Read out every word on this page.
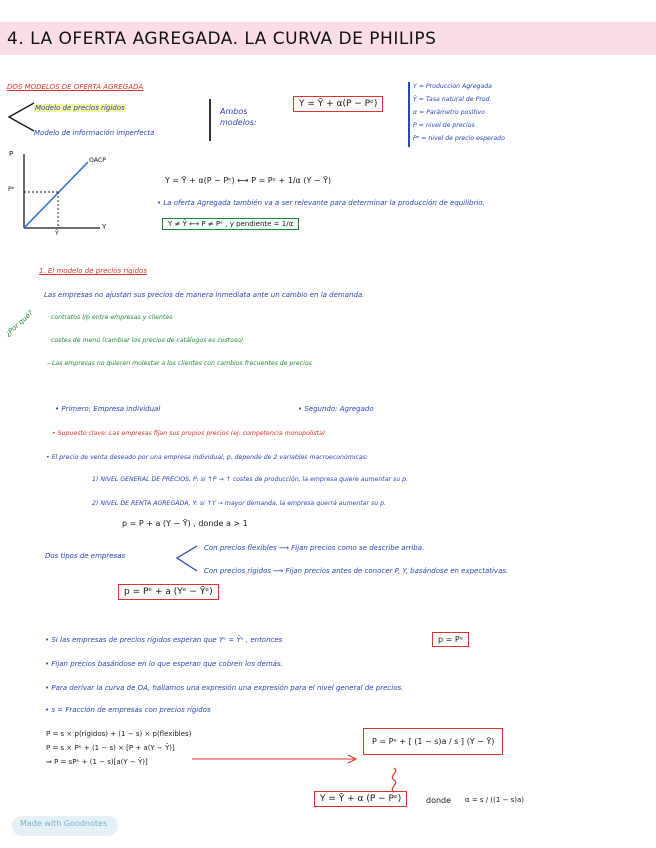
4. LA OFERTA AGREGADA. LA CURVA DE PHILIPS
DOS MODELOS DE OFERTA AGREGADA
Modelo de precios rígidos
Modelo de información imperfecta
Ambos
modelos:
Y = Ȳ + α(P − Pᵉ)
Y = Producción Agregada
Ȳ = Tasa natural de Prod.
α = Parámetro positivo
P = nivel de precios
Pᵉ = nivel de precio esperado
P
Y
OACP
Pᵉ
Ȳ
Y = Ȳ + α(P − Pᵉ) ⟷ P = Pᵉ + 1/α (Y − Ȳ)
• La oferta Agregada también va a ser relevante para determinar la producción de equilibrio.
Y ≠ Ȳ ⟷ P ≠ Pᵉ , y pendiente = 1/α
1. El modelo de precios rígidos
Las empresas no ajustan sus precios de manera inmediata ante un cambio en la demanda.
¿Por qué? · contratos l/p entre empresas y clientes
· costes de menú (cambiar los precios de catálogos es costoso)
– Las empresas no quieren molestar a los clientes con cambios frecuentes de precios
• Primero: Empresa individual	• Segundo: Agregado
• Supuesto clave: Las empresas fijan sus propios precios (ej: competencia monopolista)
• El precio de venta deseado por una empresa individual, p, depende de 2 variables macroeconómicas:
1) NIVEL GENERAL DE PRECIOS, P: si ↑P → ↑ costes de producción, la empresa quiere aumentar su p.
2) NIVEL DE RENTA AGREGADA, Y: si ↑Y → mayor demanda, la empresa querrá aumentar su p.
p = P + a (Y − Ȳ) , donde a > 1
Dos tipos de empresas
Con precios flexibles ⟿ Fijan precios como se describe arriba.
Con precios rígidos ⟿ Fijan precios antes de conocer P, Y, basándose en expectativas.
p = Pᵉ + a (Yᵉ − Ȳᵉ)
• Si las empresas de precios rígidos esperan que Yᵉ = Ȳᵉ , entonces	p = Pᵉ
• Fijan precios basándose en lo que esperan que cobren los demás.
• Para derivar la curva de OA, hallamos una expresión una expresión para el nivel general de precios.
• s = Fracción de empresas con precios rígidos
P = s × p(rígidos) + (1 − s) × p(flexibles)
P = s × Pᵉ + (1 − s) × [P + a(Y − Ȳ)]
⇒ P = sPᵉ + (1 − s)[a(Y − Ȳ)]
P = Pᵉ + [ (1 − s)a / s ] (Y − Ȳ)
Y = Ȳ + α (P − Pᵉ)	donde α = s / ((1 − s)a)
Made with Goodnotes
